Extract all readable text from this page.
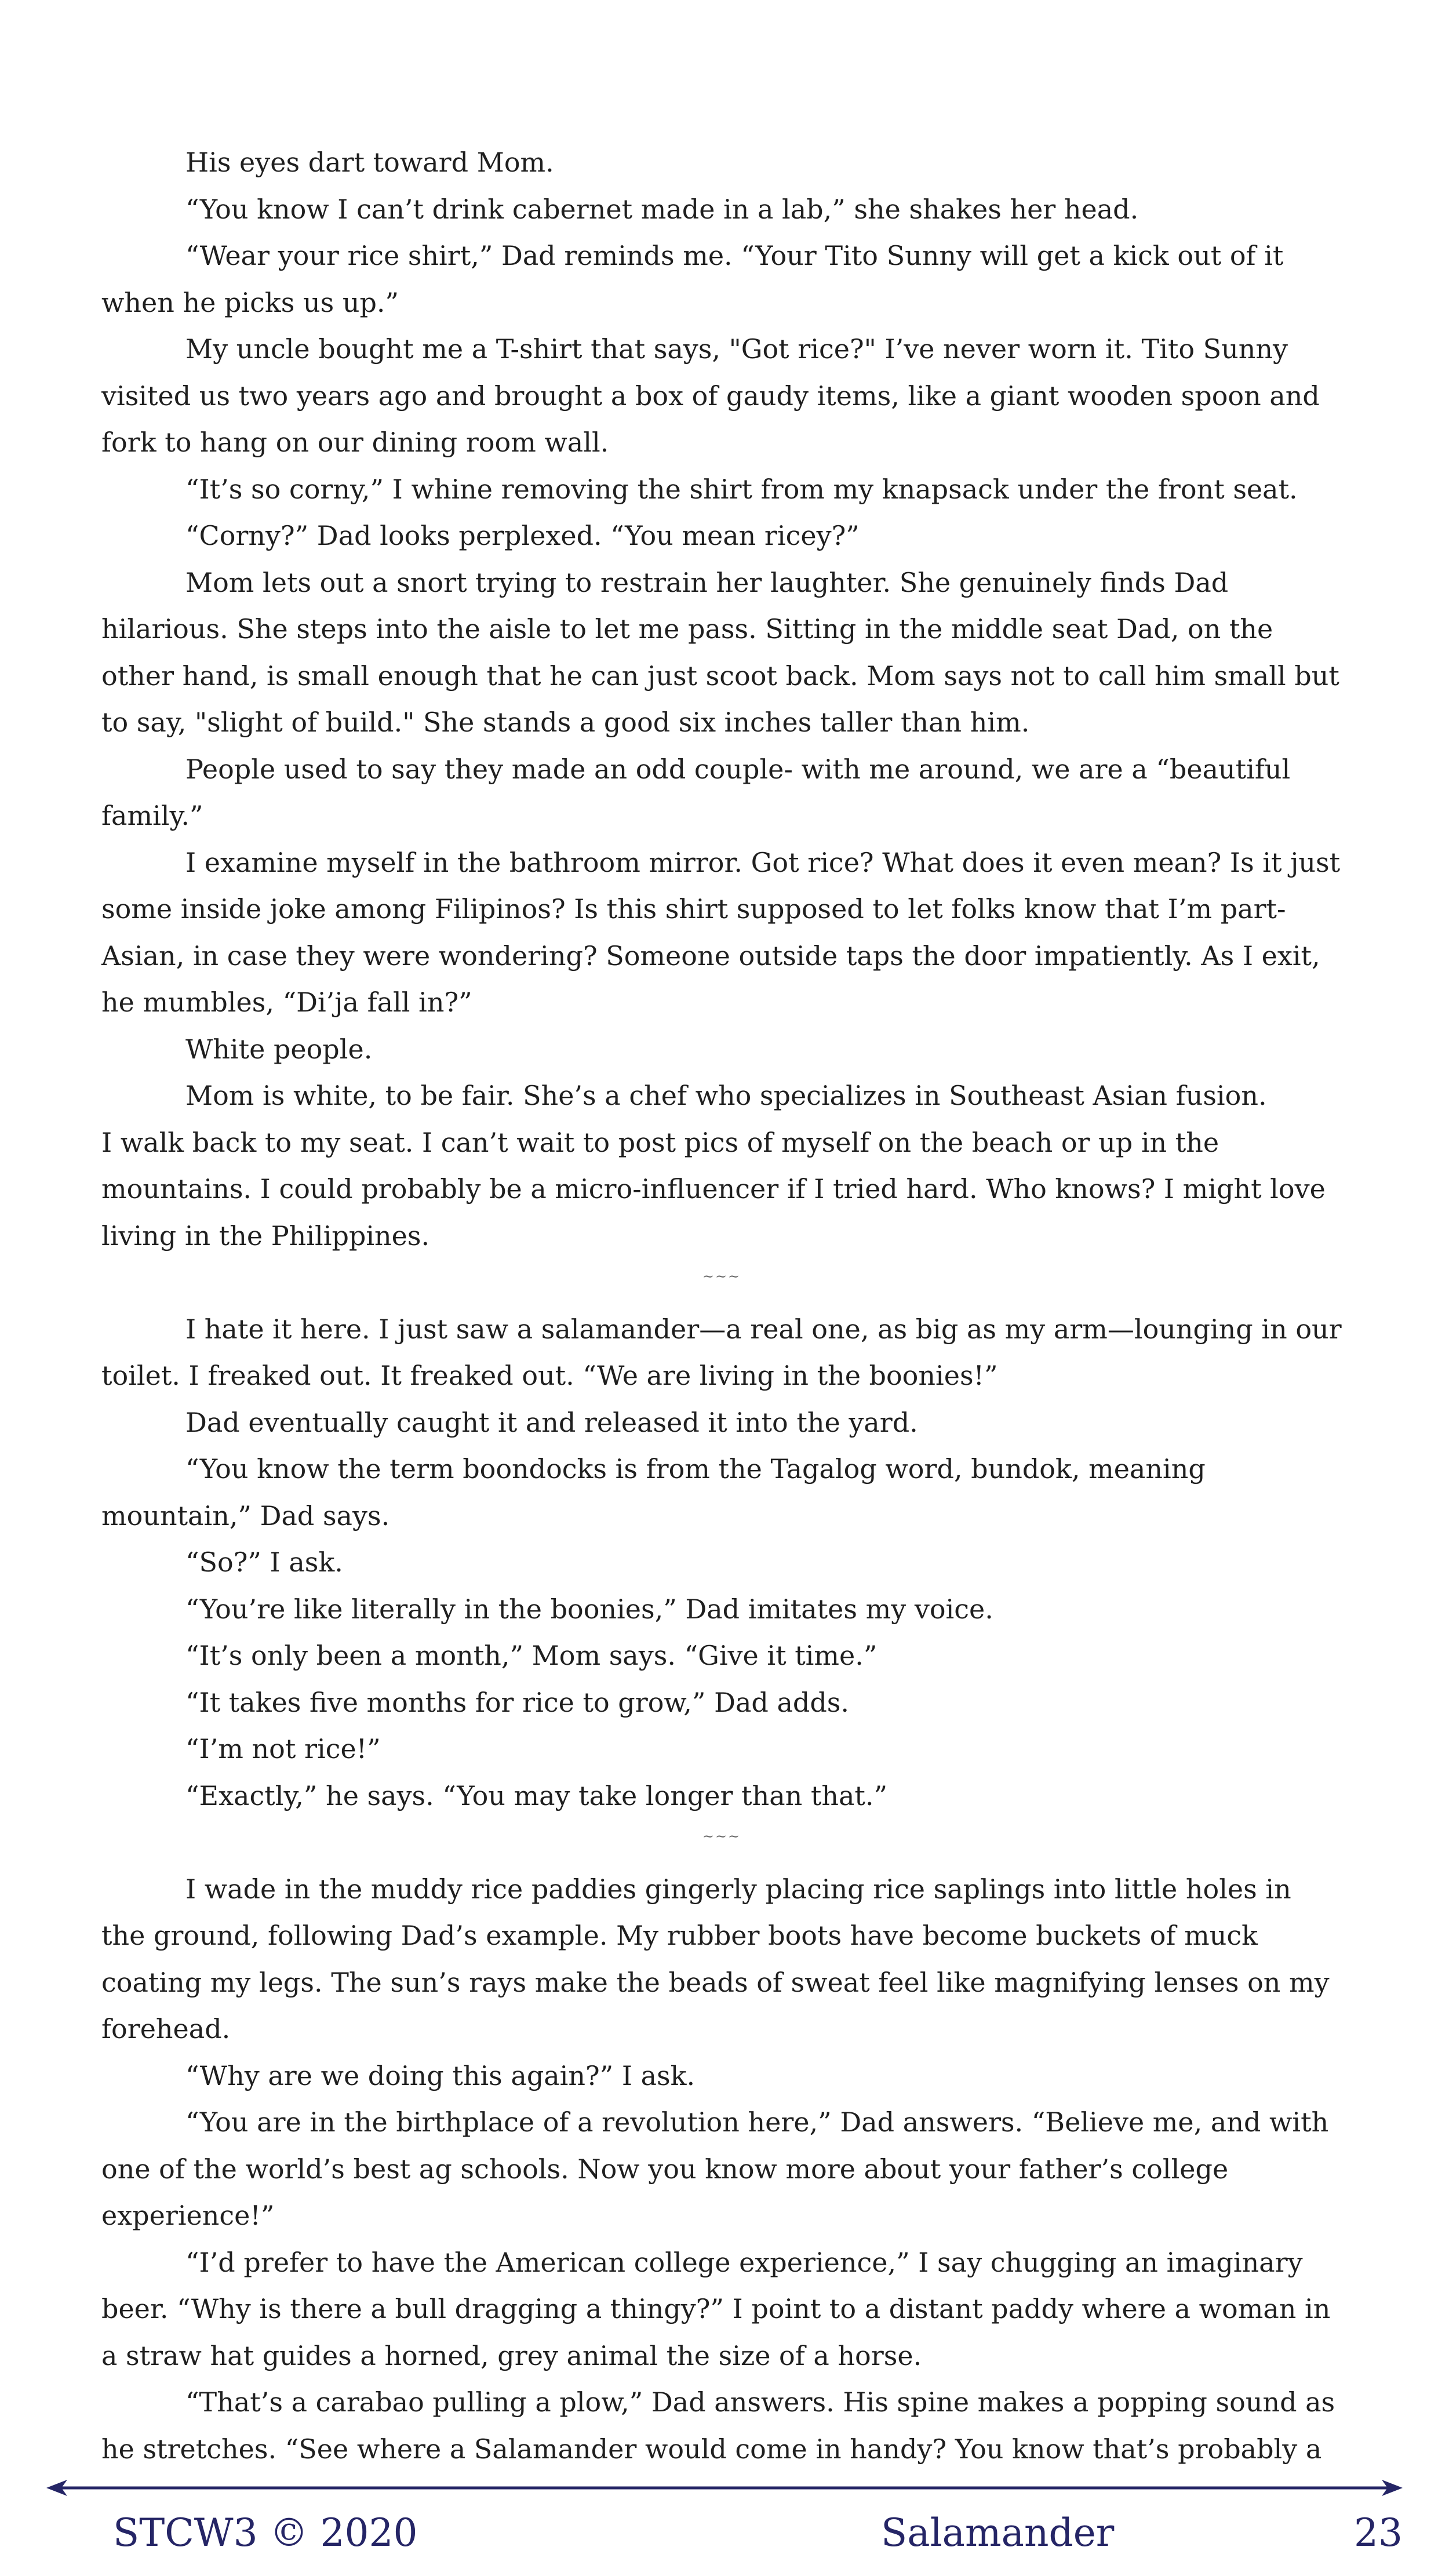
His eyes dart toward Mom.

“You know I can’t drink cabernet made in a lab,” she shakes her head.

“Wear your rice shirt,” Dad reminds me. “Your Tito Sunny will get a kick out of it when he picks us up.”

My uncle bought me a T-shirt that says, "Got rice?" I’ve never worn it. Tito Sunny visited us two years ago and brought a box of gaudy items, like a giant wooden spoon and fork to hang on our dining room wall.

“It’s so corny,” I whine removing the shirt from my knapsack under the front seat.

“Corny?” Dad looks perplexed. “You mean ricey?”

Mom lets out a snort trying to restrain her laughter. She genuinely finds Dad hilarious. She steps into the aisle to let me pass. Sitting in the middle seat Dad, on the other hand, is small enough that he can just scoot back. Mom says not to call him small but to say, "slight of build." She stands a good six inches taller than him.

People used to say they made an odd couple- with me around, we are a “beautiful family.”

I examine myself in the bathroom mirror. Got rice? What does it even mean? Is it just some inside joke among Filipinos? Is this shirt supposed to let folks know that I’m part-Asian, in case they were wondering? Someone outside taps the door impatiently. As I exit, he mumbles, “Di’ja fall in?”

White people.

Mom is white, to be fair. She’s a chef who specializes in Southeast Asian fusion.

I walk back to my seat. I can’t wait to post pics of myself on the beach or up in the mountains. I could probably be a micro-influencer if I tried hard. Who knows? I might love living in the Philippines.

~~~

I hate it here. I just saw a salamander—a real one, as big as my arm—lounging in our toilet. I freaked out. It freaked out. “We are living in the boonies!”

Dad eventually caught it and released it into the yard.

“You know the term boondocks is from the Tagalog word, bundok, meaning mountain,” Dad says.

“So?” I ask.

“You’re like literally in the boonies,” Dad imitates my voice.

“It’s only been a month,” Mom says. “Give it time.”

“It takes five months for rice to grow,” Dad adds.

“I’m not rice!”

“Exactly,” he says. “You may take longer than that.”

~~~

I wade in the muddy rice paddies gingerly placing rice saplings into little holes in the ground, following Dad’s example. My rubber boots have become buckets of muck coating my legs. The sun’s rays make the beads of sweat feel like magnifying lenses on my forehead.

“Why are we doing this again?” I ask.

“You are in the birthplace of a revolution here,” Dad answers. “Believe me, and with one of the world’s best ag schools. Now you know more about your father’s college experience!”

“I’d prefer to have the American college experience,” I say chugging an imaginary beer. “Why is there a bull dragging a thingy?” I point to a distant paddy where a woman in a straw hat guides a horned, grey animal the size of a horse.

“That’s a carabao pulling a plow,” Dad answers. His spine makes a popping sound as he stretches. “See where a Salamander would come in handy? You know that’s probably a

STCW3 © 2020	Salamander	23
